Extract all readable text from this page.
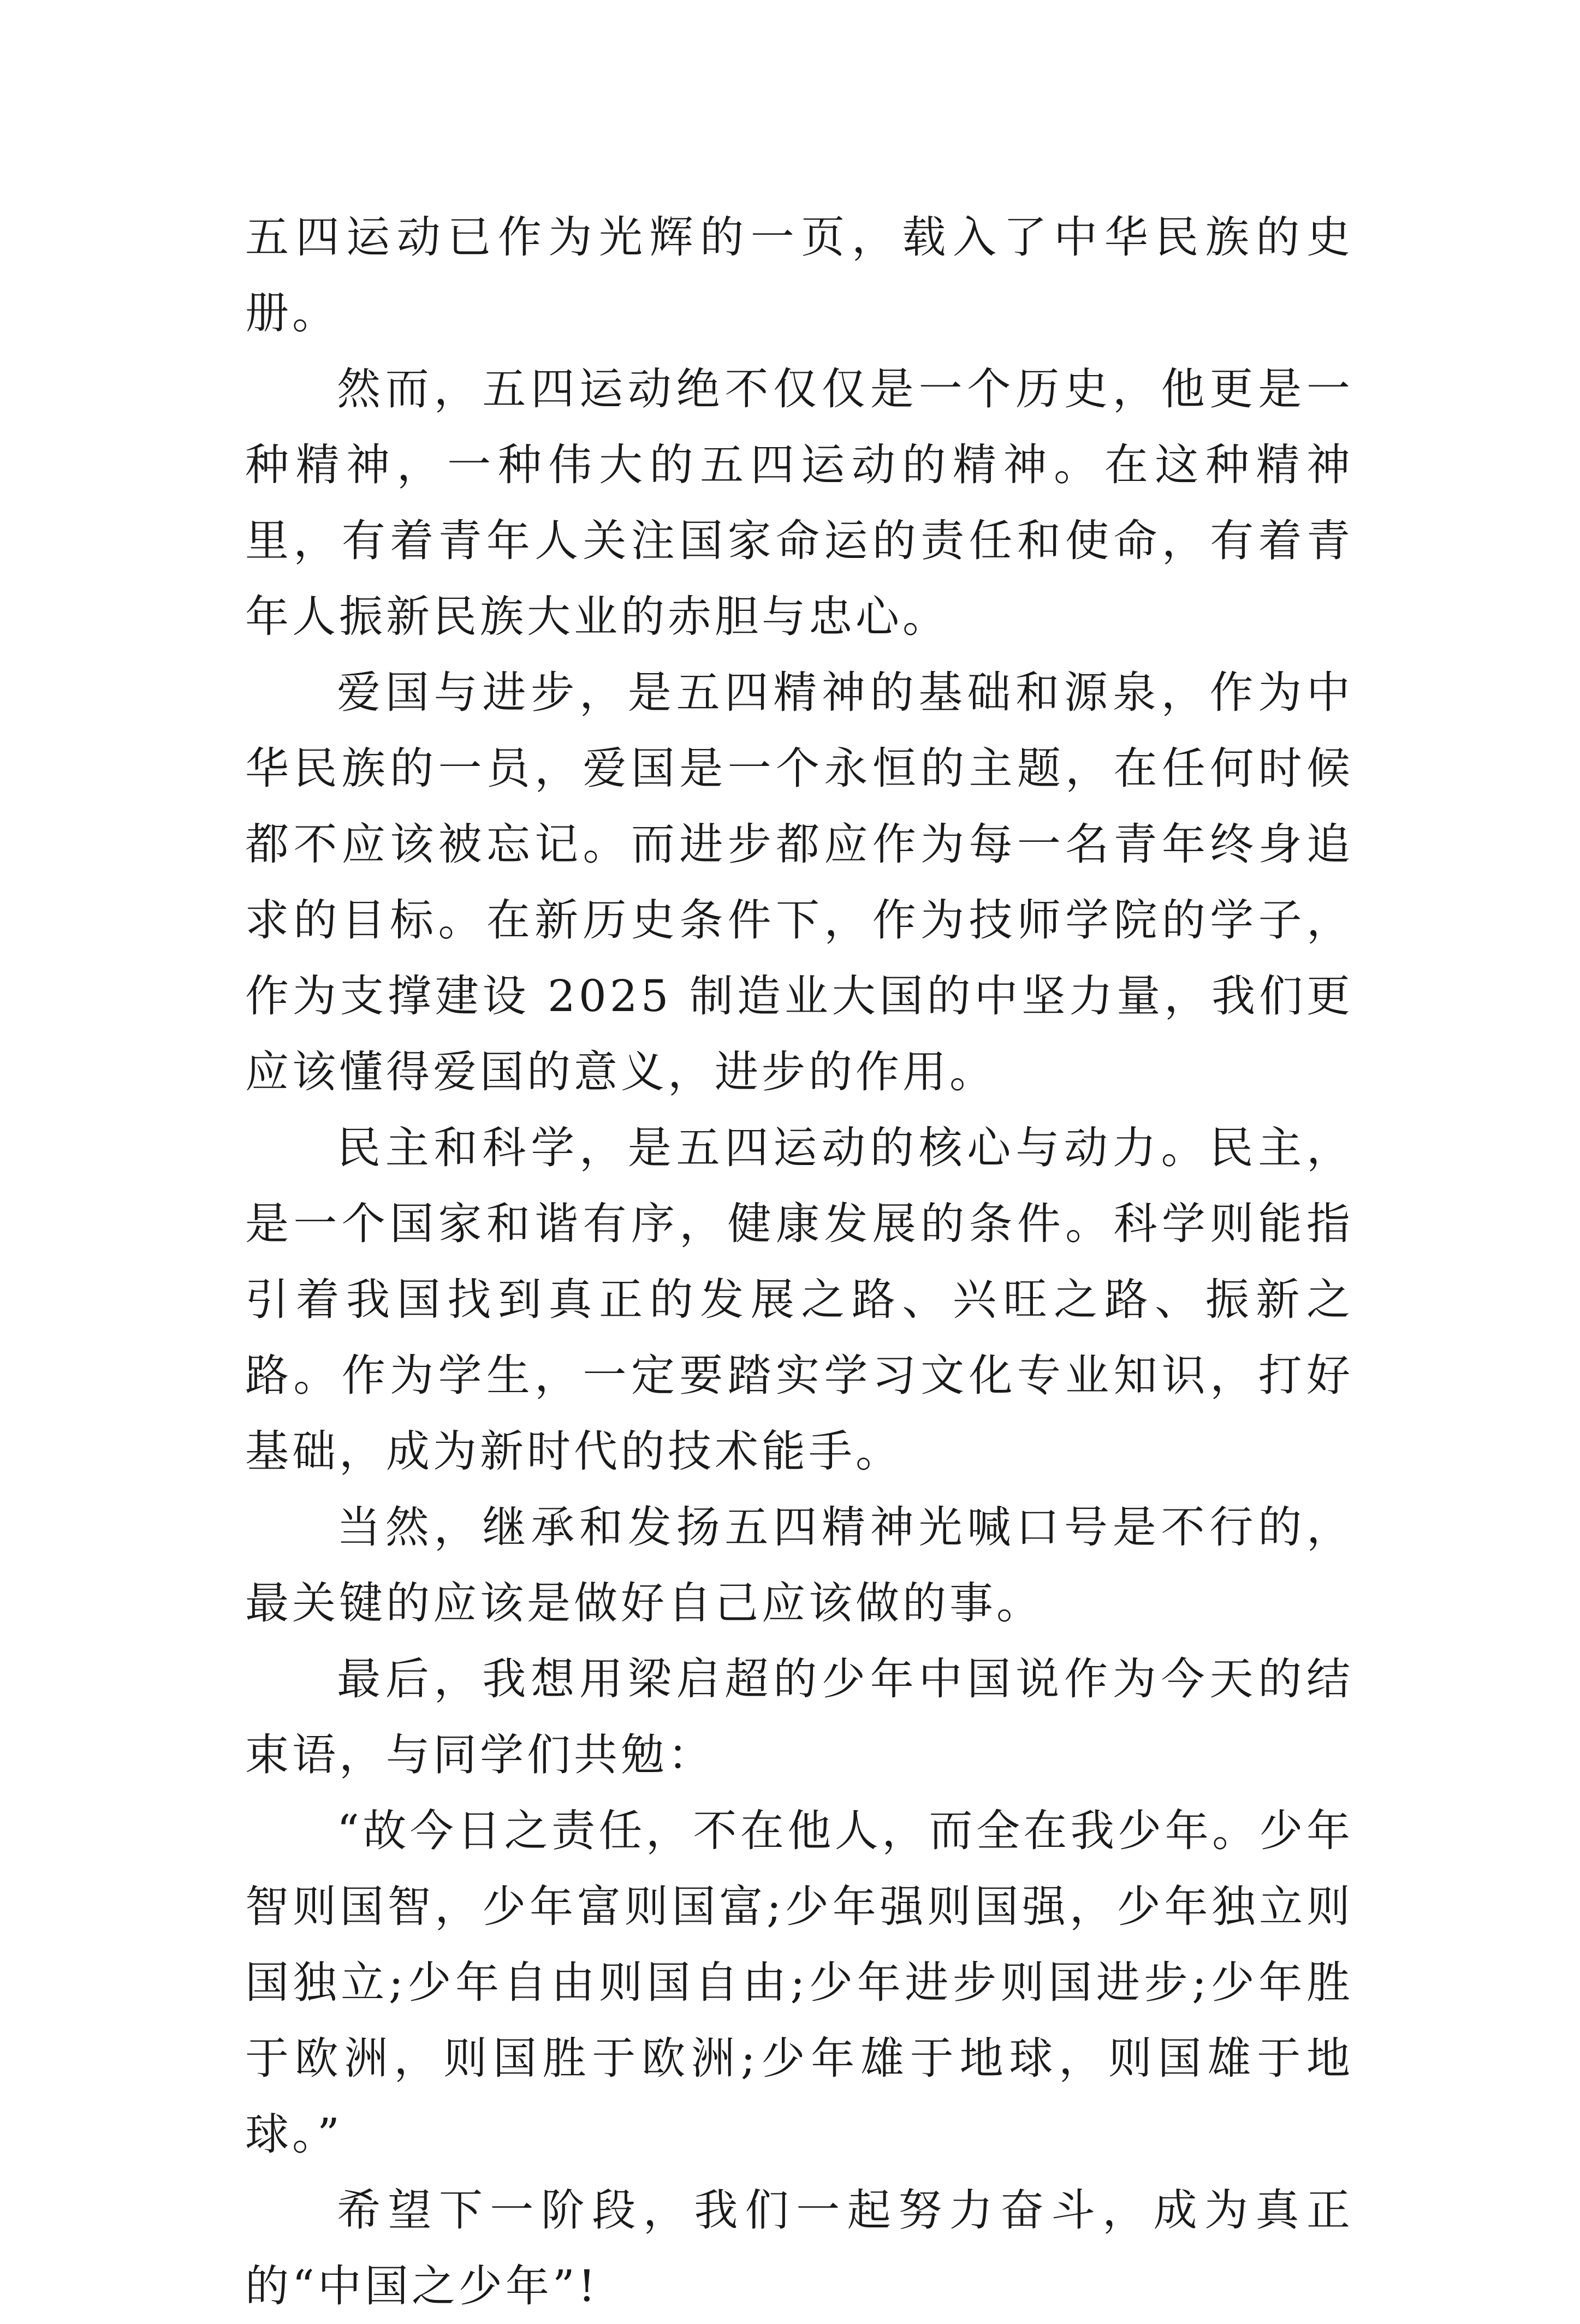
五四运动已作为光辉的一页，载入了中华民族的史册。

然而，五四运动绝不仅仅是一个历史，他更是一种精神，一种伟大的五四运动的精神。在这种精神里，有着青年人关注国家命运的责任和使命，有着青年人振新民族大业的赤胆与忠心。

爱国与进步，是五四精神的基础和源泉，作为中华民族的一员，爱国是一个永恒的主题，在任何时候都不应该被忘记。而进步都应作为每一名青年终身追求的目标。在新历史条件下，作为技师学院的学子，作为支撑建设 2025 制造业大国的中坚力量，我们更应该懂得爱国的意义，进步的作用。

民主和科学，是五四运动的核心与动力。民主，是一个国家和谐有序，健康发展的条件。科学则能指引着我国找到真正的发展之路、兴旺之路、振新之路。作为学生，一定要踏实学习文化专业知识，打好基础，成为新时代的技术能手。

当然，继承和发扬五四精神光喊口号是不行的，最关键的应该是做好自己应该做的事。

最后，我想用梁启超的少年中国说作为今天的结束语，与同学们共勉：

“故今日之责任，不在他人，而全在我少年。少年智则国智，少年富则国富;少年强则国强，少年独立则国独立;少年自由则国自由;少年进步则国进步;少年胜于欧洲，则国胜于欧洲;少年雄于地球，则国雄于地球。”

希望下一阶段，我们一起努力奋斗，成为真正的“中国之少年”!
